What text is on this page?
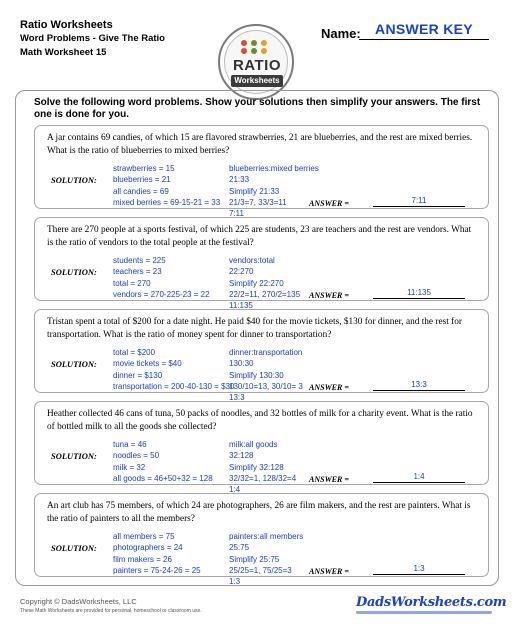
Ratio Worksheets
Word Problems - Give The Ratio
Math Worksheet 15
RATIO
Worksheets
Name:	ANSWER KEY
Solve the following word problems. Show your solutions then simplify your answers. The first one is done for you.
A jar contains 69 candies, of which 15 are flavored strawberries, 21 are blueberries, and the rest are mixed berries. What is the ratio of blueberries to mixed berries?
SOLUTION:
strawberries = 15
blueberries = 21
all candies = 69
mixed berries = 69-15-21 = 33
blueberries:mixed berries
21:33
Simplify 21:33
21/3=7, 33/3=11
7:11
ANSWER =	7:11
There are 270 people at a sports festival, of which 225 are students, 23 are teachers and the rest are vendors. What is the ratio of vendors to the total people at the festival?
SOLUTION:
students = 225
teachers = 23
total = 270
vendors = 270-225-23 = 22
vendors:total
22:270
Simplify 22:270
22/2=11, 270/2=135
11:135
ANSWER =	11:135
Tristan spent a total of $200 for a date night. He paid $40 for the movie tickets, $130 for dinner, and the rest for transportation. What is the ratio of money spent for dinner to transportation?
SOLUTION:
total = $200
movie tickets = $40
dinner = $130
transportation = 200-40-130 = $30
dinner:transportation
130:30
Simplify 130:30
130/10=13, 30/10= 3
13:3
ANSWER =	13:3
Heather collected 46 cans of tuna, 50 packs of noodles, and 32 bottles of milk for a charity event. What is the ratio of bottled milk to all the goods she collected?
SOLUTION:
tuna = 46
noodles = 50
milk = 32
all goods = 46+50+32 = 128
milk:all goods
32:128
Simplify 32:128
32/32=1, 128/32=4
1:4
ANSWER =	1:4
An art club has 75 members, of which 24 are photographers, 26 are film makers, and the rest are painters. What is the ratio of painters to all the members?
SOLUTION:
all members = 75
photographers = 24
film makers = 26
painters = 75-24-26 = 25
painters:all members
25:75
Simplify 25:75
25/25=1, 75/25=3
1:3
ANSWER =	1:3
Copyright © DadsWorksheets, LLC
These Math Worksheets are provided for personal, homeschool or classroom use.
DadsWorksheets.com
